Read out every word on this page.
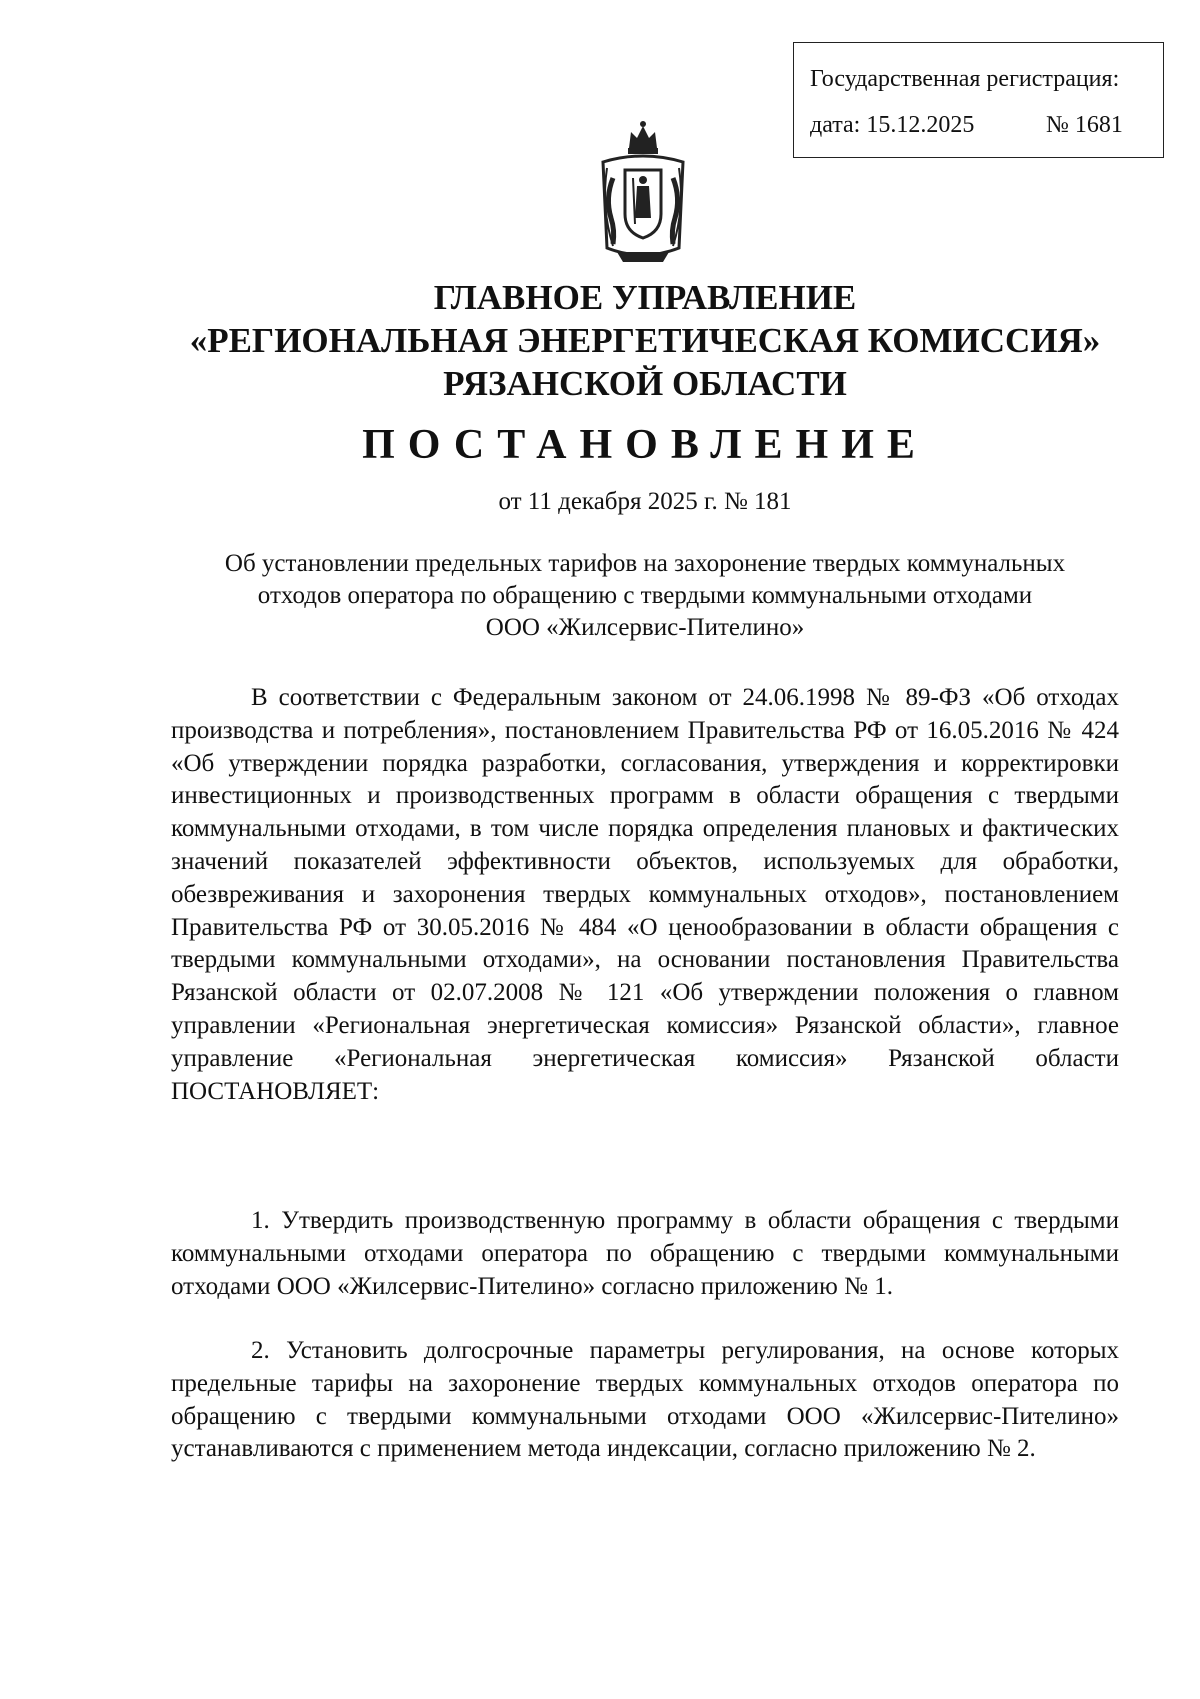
Государственная регистрация:
дата: 15.12.2025	№ 1681
ГЛАВНОЕ УПРАВЛЕНИЕ
«РЕГИОНАЛЬНАЯ ЭНЕРГЕТИЧЕСКАЯ КОМИССИЯ»
РЯЗАНСКОЙ ОБЛАСТИ
ПОСТАНОВЛЕНИЕ
от 11 декабря 2025 г. № 181
Об установлении предельных тарифов на захоронение твердых коммунальных
отходов оператора по обращению с твердыми коммунальными отходами
ООО «Жилсервис-Пителино»

В соответствии с Федеральным законом от 24.06.1998 № 89-ФЗ «Об отходах производства и потребления», постановлением Правительства РФ от 16.05.2016 № 424 «Об утверждении порядка разработки, согласования, утверждения и корректировки инвестиционных и производственных программ в области обращения с твердыми коммунальными отходами, в том числе порядка определения плановых и фактических значений показателей эффективности объектов, используемых для обработки, обезвреживания и захоронения твердых коммунальных отходов», постановлением Правительства РФ от 30.05.2016 № 484 «О ценообразовании в области обращения с твердыми коммунальными отходами», на основании постановления Правительства Рязанской области от 02.07.2008 № 121 «Об утверждении положения о главном управлении «Региональная энергетическая комиссия» Рязанской области», главное управление «Региональная энергетическая комиссия» Рязанской области ПОСТАНОВЛЯЕТ:

1. Утвердить производственную программу в области обращения с твердыми коммунальными отходами оператора по обращению с твердыми коммунальными отходами ООО «Жилсервис-Пителино» согласно приложению № 1.

2. Установить долгосрочные параметры регулирования, на основе которых предельные тарифы на захоронение твердых коммунальных отходов оператора по обращению с твердыми коммунальными отходами ООО «Жилсервис-Пителино» устанавливаются с применением метода индексации, согласно приложению № 2.
